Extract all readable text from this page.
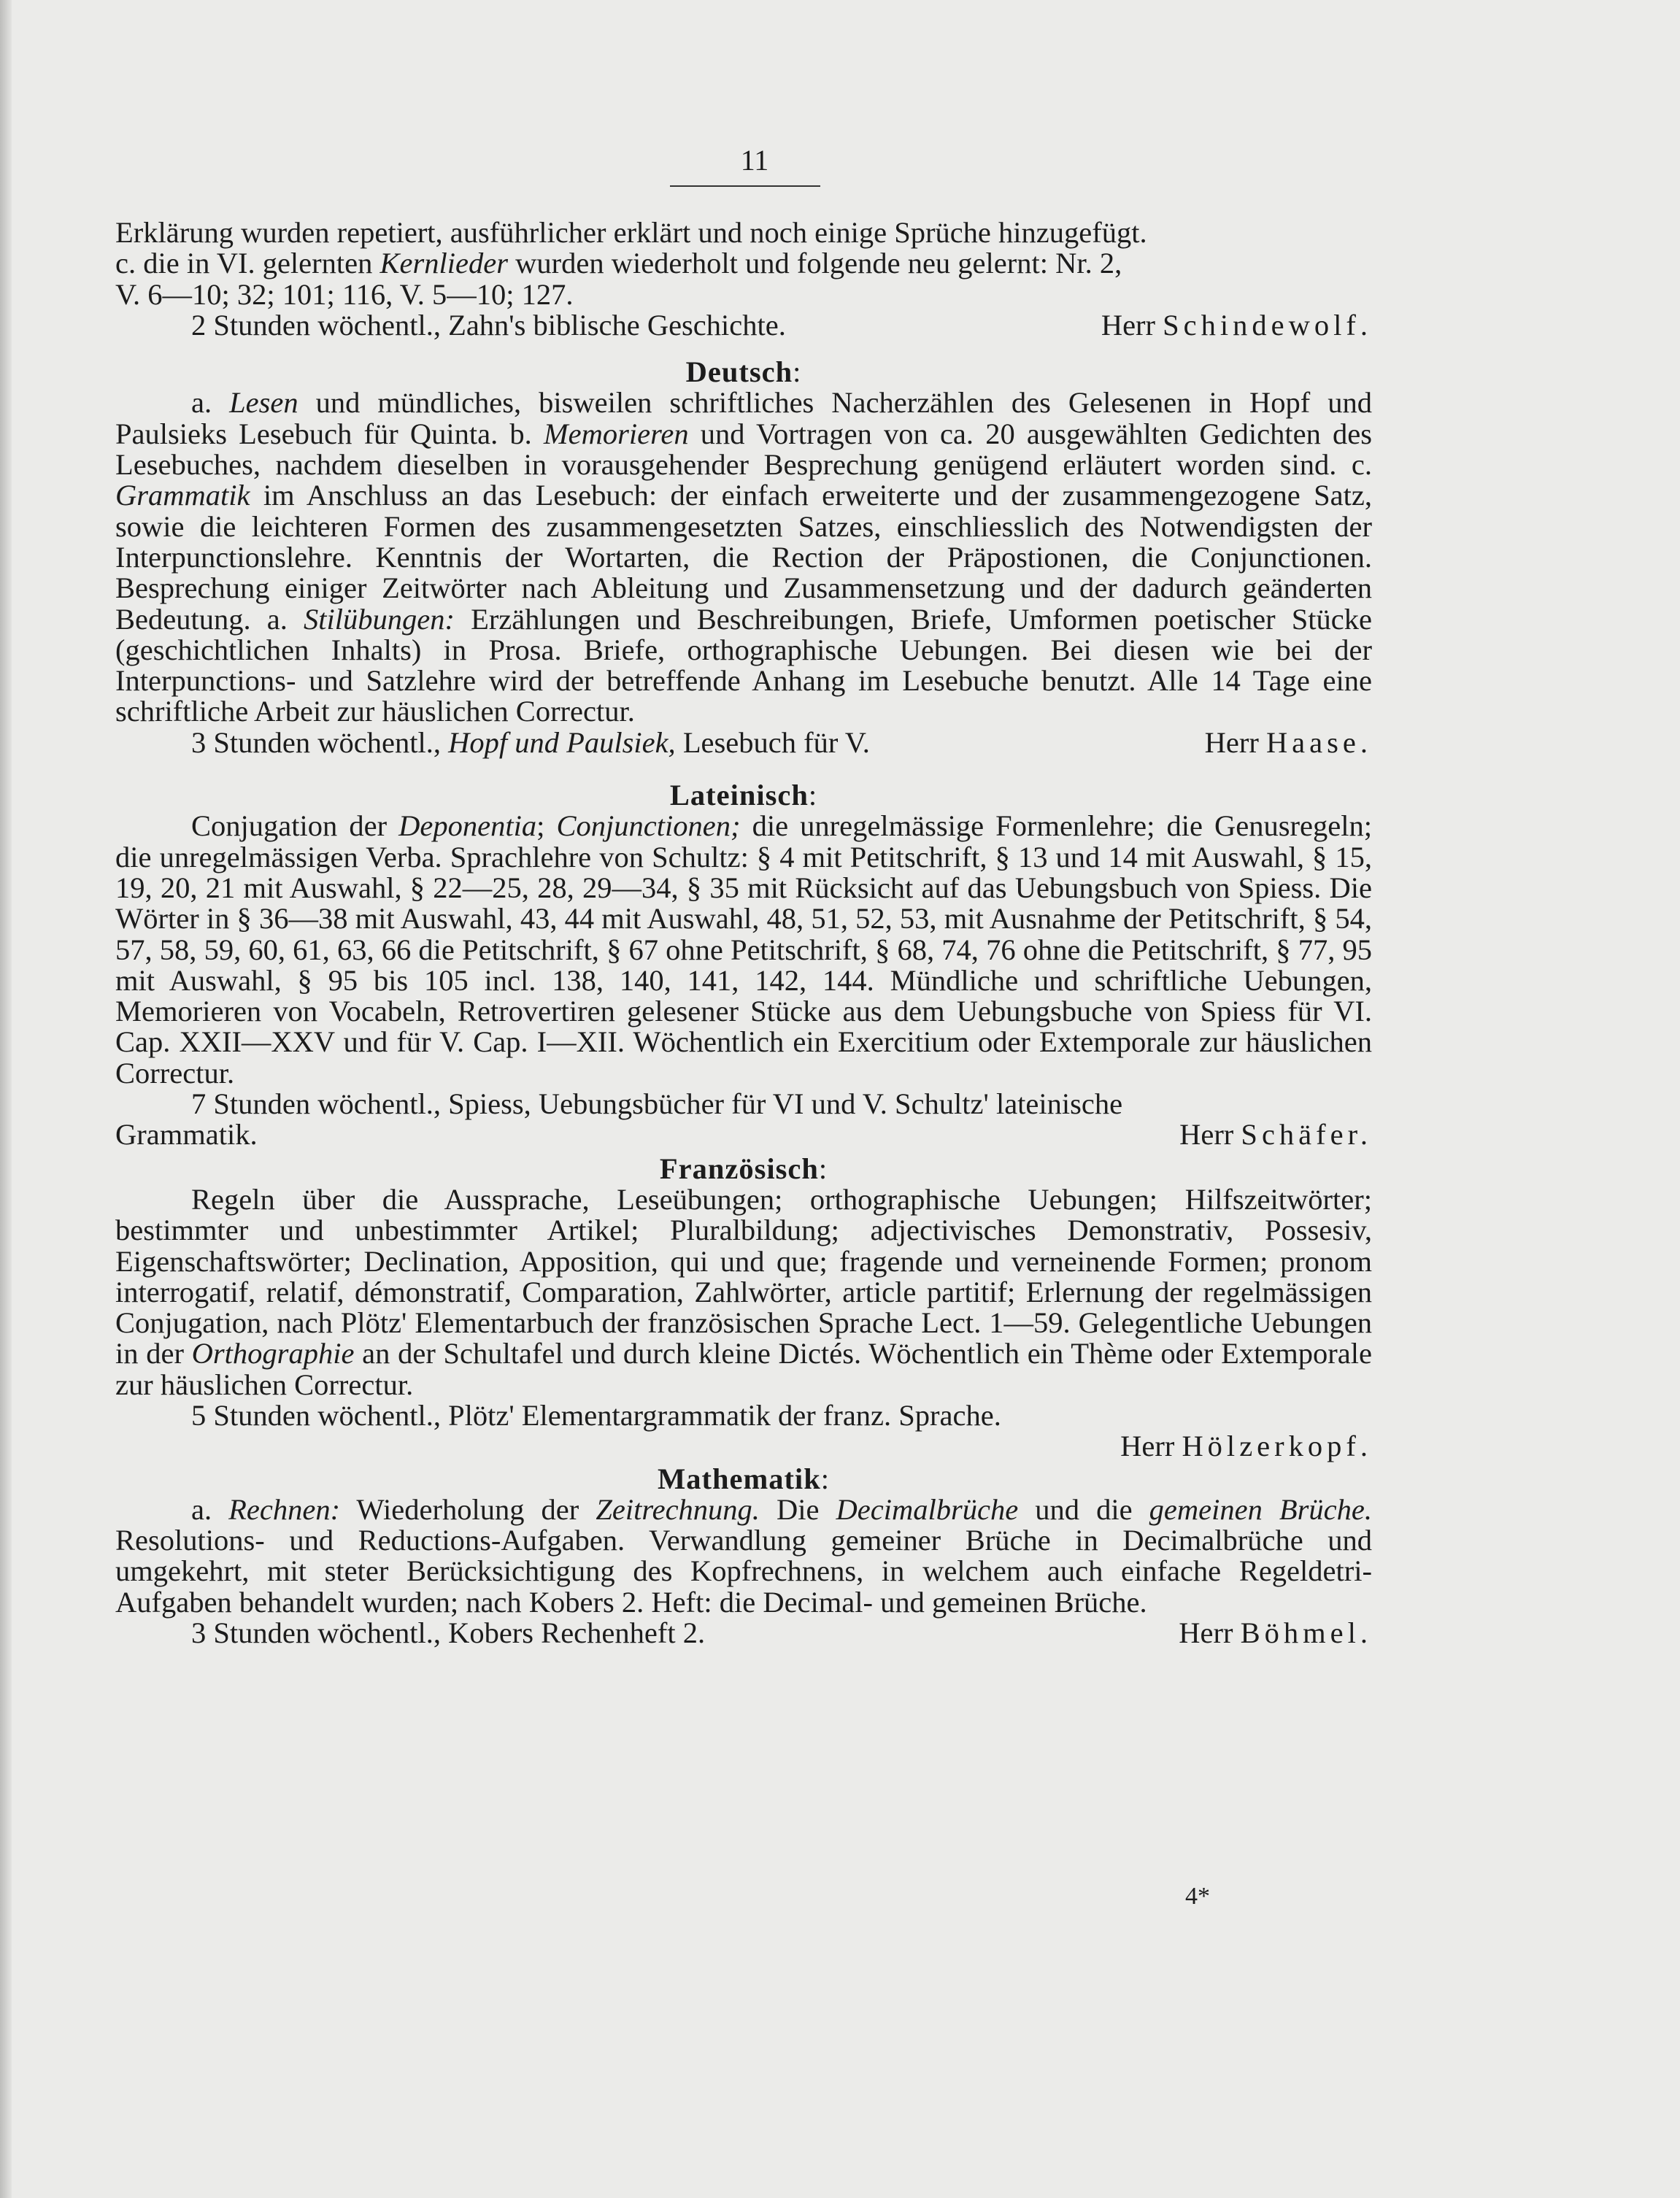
11

Erklärung wurden repetiert, ausführlicher erklärt und noch einige Sprüche hinzugefügt.

c. die in VI. gelernten Kernlieder wurden wiederholt und folgende neu gelernt: Nr. 2,

V. 6—10; 32; 101; 116, V. 5—10; 127.

2 Stunden wöchentl., Zahn's biblische Geschichte.	Herr Schindewolf.
Deutsch:

a. Lesen und mündliches, bisweilen schriftliches Nacherzählen des Gelesenen in Hopf und Paulsieks Lesebuch für Quinta. b. Memorieren und Vortragen von ca. 20 ausgewählten Gedichten des Lesebuches, nachdem dieselben in vorausgehender Besprechung genügend erläutert worden sind. c. Grammatik im Anschluss an das Lesebuch: der einfach erweiterte und der zusammengezogene Satz, sowie die leichteren Formen des zusammengesetzten Satzes, einschliesslich des Notwendigsten der Interpunctionslehre. Kenntnis der Wortarten, die Rection der Präpostionen, die Conjunctionen. Besprechung einiger Zeitwörter nach Ableitung und Zusammensetzung und der dadurch geänderten Bedeutung. a. Stilübungen: Erzählungen und Beschreibungen, Briefe, Umformen poetischer Stücke (geschichtlichen Inhalts) in Prosa. Briefe, orthographische Uebungen. Bei diesen wie bei der Interpunctions- und Satzlehre wird der betreffende Anhang im Lesebuche benutzt. Alle 14 Tage eine schriftliche Arbeit zur häuslichen Correctur.

3 Stunden wöchentl., Hopf und Paulsiek, Lesebuch für V.	Herr Haase.
Lateinisch:

Conjugation der Deponentia; Conjunctionen; die unregelmässige Formenlehre; die Genusregeln; die unregelmässigen Verba. Sprachlehre von Schultz: § 4 mit Petitschrift, § 13 und 14 mit Auswahl, § 15, 19, 20, 21 mit Auswahl, § 22—25, 28, 29—34, § 35 mit Rücksicht auf das Uebungsbuch von Spiess. Die Wörter in § 36—38 mit Auswahl, 43, 44 mit Auswahl, 48, 51, 52, 53, mit Ausnahme der Petitschrift, § 54, 57, 58, 59, 60, 61, 63, 66 die Petitschrift, § 67 ohne Petitschrift, § 68, 74, 76 ohne die Petitschrift, § 77, 95 mit Auswahl, § 95 bis 105 incl. 138, 140, 141, 142, 144. Mündliche und schriftliche Uebungen, Memorieren von Vocabeln, Retrovertiren gelesener Stücke aus dem Uebungsbuche von Spiess für VI. Cap. XXII—XXV und für V. Cap. I—XII. Wöchentlich ein Exercitium oder Extemporale zur häuslichen Correctur.

7 Stunden wöchentl., Spiess, Uebungsbücher für VI und V. Schultz' lateinische

Grammatik.	Herr Schäfer.
Französisch:

Regeln über die Aussprache, Leseübungen; orthographische Uebungen; Hilfszeitwörter; bestimmter und unbestimmter Artikel; Pluralbildung; adjectivisches Demonstrativ, Possesiv, Eigenschaftswörter; Declination, Apposition, qui und que; fragende und verneinende Formen; pronom interrogatif, relatif, démonstratif, Comparation, Zahlwörter, article partitif; Erlernung der regelmässigen Conjugation, nach Plötz' Elementarbuch der französischen Sprache Lect. 1—59. Gelegentliche Uebungen in der Orthographie an der Schultafel und durch kleine Dictés. Wöchentlich ein Thème oder Extemporale zur häuslichen Correctur.

5 Stunden wöchentl., Plötz' Elementargrammatik der franz. Sprache.

Herr Hölzerkopf.

Mathematik:

a. Rechnen: Wiederholung der Zeitrechnung. Die Decimalbrüche und die gemeinen Brüche. Resolutions- und Reductions-Aufgaben. Verwandlung gemeiner Brüche in Decimalbrüche und umgekehrt, mit steter Berücksichtigung des Kopfrechnens, in welchem auch einfache Regeldetri-Aufgaben behandelt wurden; nach Kobers 2. Heft: die Decimal- und gemeinen Brüche.

3 Stunden wöchentl., Kobers Rechenheft 2.	Herr Böhmel.
4*
